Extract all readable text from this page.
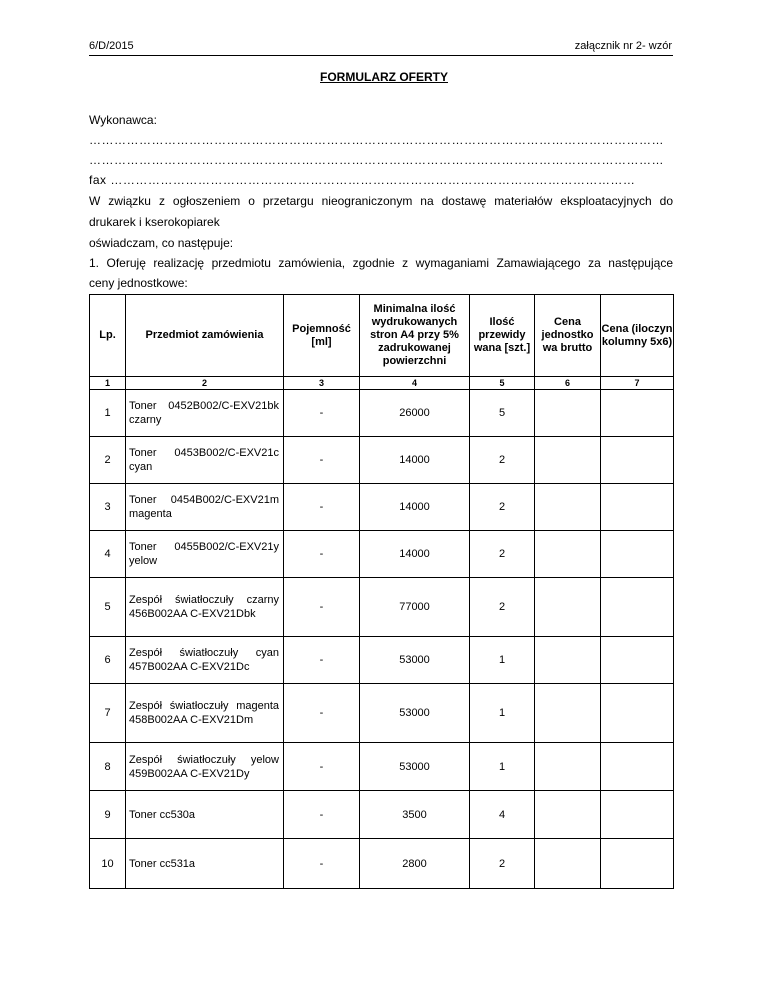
6/D/2015	załącznik nr 2- wzór
FORMULARZ OFERTY
Wykonawca:
…………………………………………………………………………………………………………………………
…………………………………………………………………………………………………………………………
fax ………………………………………………………………………………………………………………
W związku z ogłoszeniem o przetargu nieograniczonym na dostawę materiałów eksploatacyjnych do
drukarek i kserokopiarek
oświadczam, co następuje:
1. Oferuję realizację przedmiotu zamówienia, zgodnie z wymaganiami Zamawiającego za następujące
ceny jednostkowe:
Lp.	Przedmiot zamówienia	Pojemność [ml]	Minimalna ilość wydrukowanych stron A4 przy 5% zadrukowanej powierzchni	Ilość przewidy wana [szt.]	Cena jednostko wa brutto	Cena (iloczyn kolumny 5x6)
1	2	3	4	5	6	7
1	Toner 0452B002/C-EXV21bk czarny	-	26000	5		
2	Toner 0453B002/C-EXV21c cyan	-	14000	2		
3	Toner 0454B002/C-EXV21m magenta	-	14000	2		
4	Toner 0455B002/C-EXV21y yelow	-	14000	2		
5	Zespół światłoczuły czarny 456B002AA C-EXV21Dbk	-	77000	2		
6	Zespół światłoczuły cyan 457B002AA C-EXV21Dc	-	53000	1		
7	Zespół światłoczuły magenta 458B002AA C-EXV21Dm	-	53000	1		
8	Zespół światłoczuły yelow 459B002AA C-EXV21Dy	-	53000	1		
9	Toner cc530a	-	3500	4		
10	Toner cc531a	-	2800	2		
